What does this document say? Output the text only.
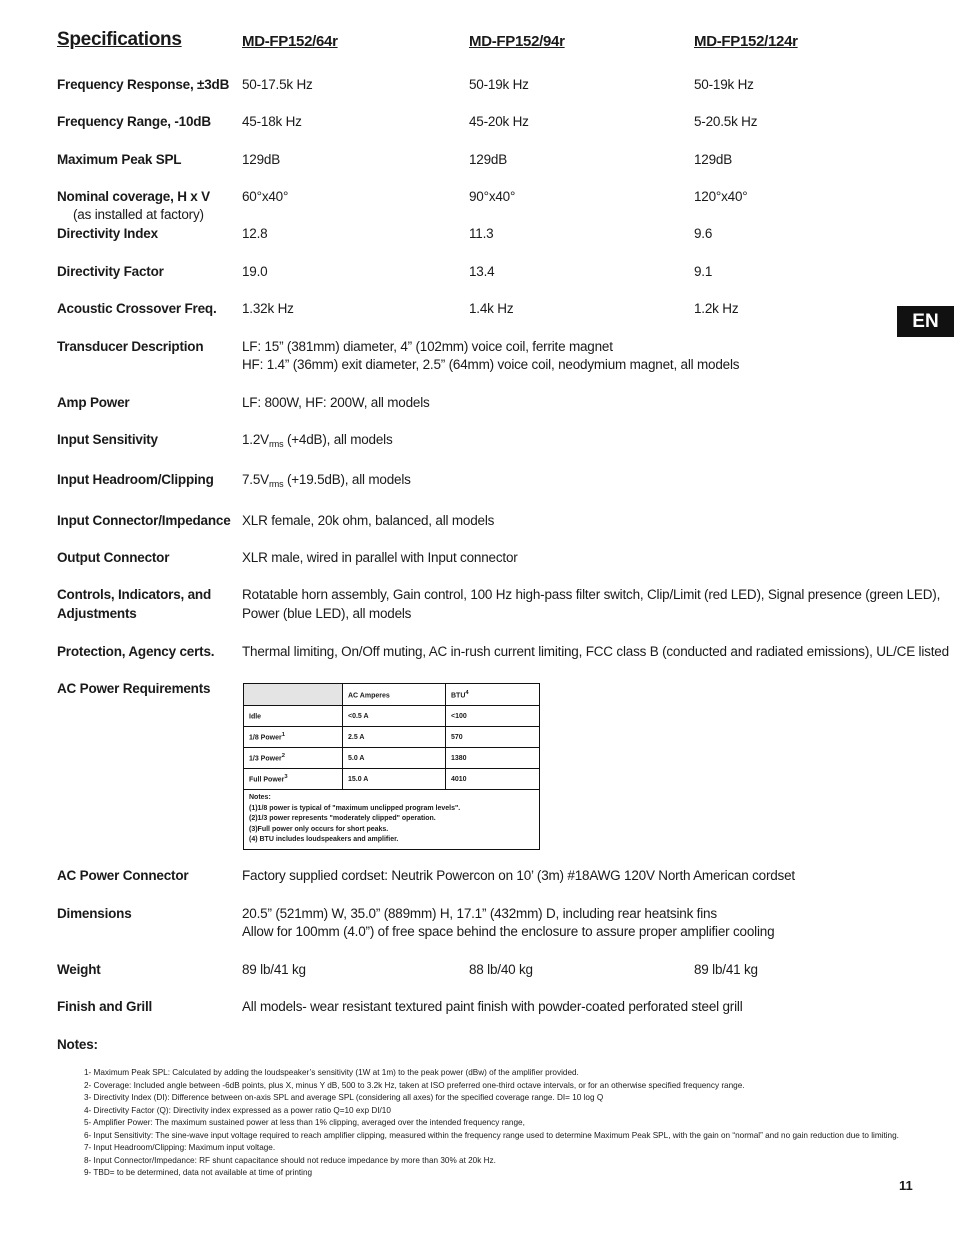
Specifications	MD-FP152/64r	MD-FP152/94r	MD-FP152/124r
EN
Frequency Response, ±3dB 50-17.5k Hz	50-19k Hz	50-19k Hz
Frequency Range, -10dB 45-18k Hz	45-20k Hz	5-20.5k Hz
Maximum Peak SPL	129dB	129dB	129dB
Nominal coverage, H x V
(as installed at factory)
60°x40°	90°x40°	120°x40°
Directivity Index	12.8	11.3	9.6
Directivity Factor	19.0	13.4	9.1
Acoustic Crossover Freq. 1.32k Hz	1.4k Hz	1.2k Hz
Transducer Description	LF: 15” (381mm) diameter, 4” (102mm) voice coil, ferrite magnet
HF: 1.4” (36mm) exit diameter, 2.5” (64mm) voice coil, neodymium magnet, all models
Amp Power	LF: 800W, HF: 200W, all models
Input Sensitivity	$1.2V_{rms}$ (+4dB), all models
Input Headroom/Clipping $7.5V_{rms}$ (+19.5dB), all models
Input Connector/Impedance XLR female, 20k ohm, balanced, all models
Output Connector	XLR male, wired in parallel with Input connector
Controls, Indicators, and
Adjustments
Rotatable horn assembly, Gain control, 100 Hz high-pass filter switch, Clip/Limit (red LED), Signal presence (green LED),
Power (blue LED), all models
Protection, Agency certs. Thermal limiting, On/Off muting, AC in-rush current limiting, FCC class B (conducted and radiated emissions), UL/CE listed
AC Power Requirements
		AC Amperes	BTU$^4$
Idle	<0.5 A	<100
1/8 Power$^1$	2.5 A	570
1/3 Power$^2$	5.0 A	1380
Full Power$^3$	15.0 A	4010

Notes:
(1)1/8 power is typical of "maximum unclipped program levels".
(2)1/3 power represents "moderately clipped" operation.
(3)Full power only occurs for short peaks.
(4) BTU includes loudspeakers and amplifier.		
AC Power Connector	Factory supplied cordset: Neutrik Powercon on 10’ (3m) #18AWG 120V North American cordset
Dimensions	20.5” (521mm) W, 35.0” (889mm) H, 17.1” (432mm) D, including rear heatsink fins
Allow for 100mm (4.0”) of free space behind the enclosure to assure proper amplifier cooling
Weight	89 lb/41 kg	88 lb/40 kg	89 lb/41 kg
Finish and Grill	All models- wear resistant textured paint finish with powder-coated perforated steel grill
Notes:
1- Maximum Peak SPL: Calculated by adding the loudspeaker’s sensitivity (1W at 1m) to the peak power (dBw) of the amplifier provided.
2- Coverage: Included angle between -6dB points, plus X, minus Y dB, 500 to 3.2k Hz, taken at ISO preferred one-third octave intervals, or for an otherwise specified frequency range.
3- Directivity Index (DI): Difference between on-axis SPL and average SPL (considering all axes) for the specified coverage range. DI= 10 log Q
4- Directivity Factor (Q): Directivity index expressed as a power ratio Q=10 exp DI/10
5- Amplifier Power: The maximum sustained power at less than 1% clipping, averaged over the intended frequency range,
6- Input Sensitivity: The sine-wave input voltage required to reach amplifier clipping, measured within the frequency range used to determine Maximum Peak SPL, with the gain on “normal” and no gain reduction due to limiting.
7- Input Headroom/Clipping: Maximum input voltage.
8- Input Connector/Impedance: RF shunt capacitance should not reduce impedance by more than 30% at 20k Hz.
9- TBD= to be determined, data not available at time of printing
11
